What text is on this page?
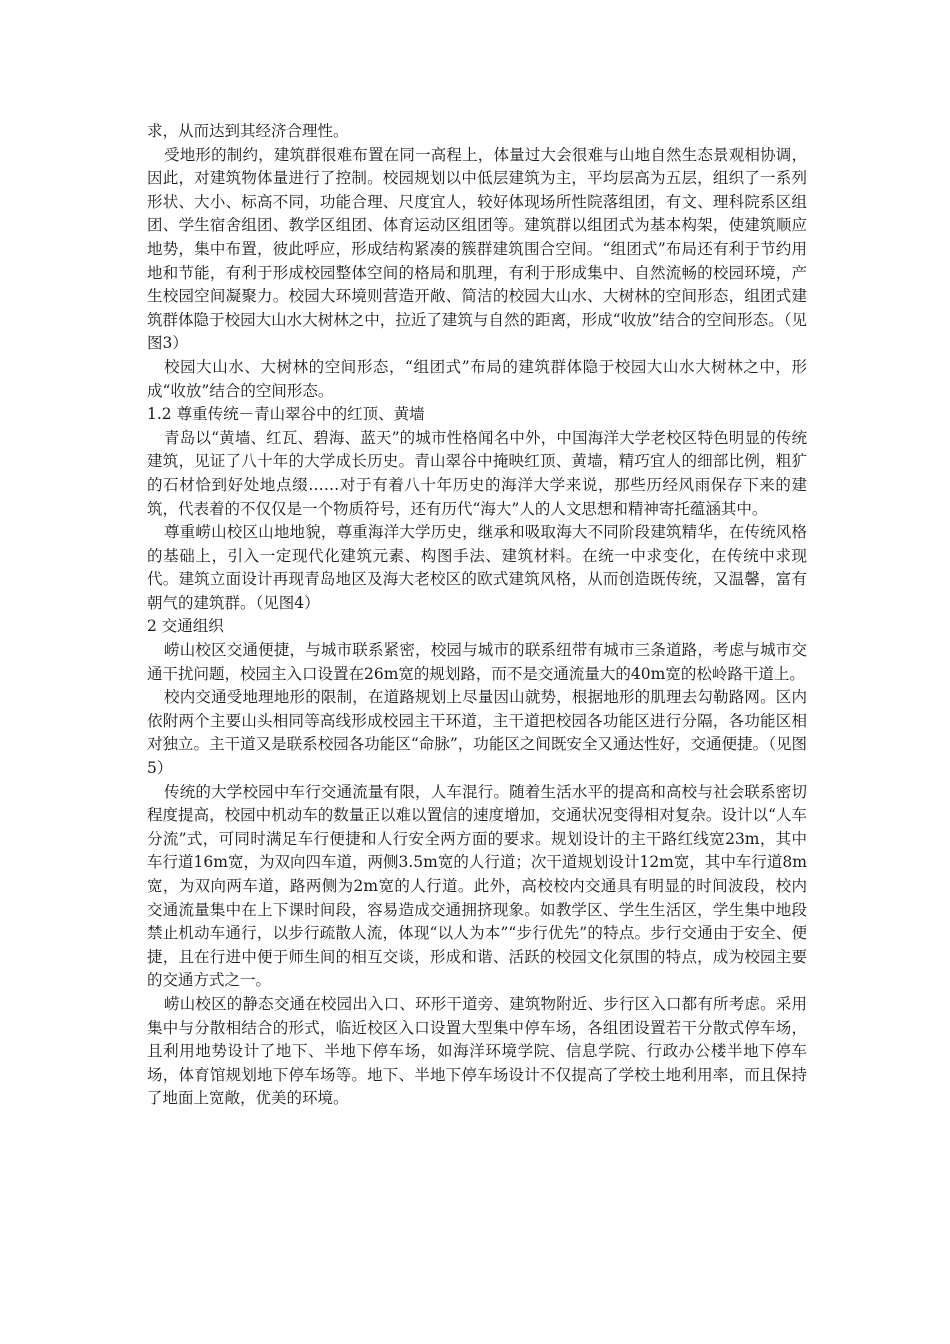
求，从而达到其经济合理性。

受地形的制约，建筑群很难布置在同一高程上，体量过大会很难与山地自然生态景观相协调，因此，对建筑物体量进行了控制。校园规划以中低层建筑为主，平均层高为五层，组织了一系列形状、大小、标高不同，功能合理、尺度宜人，较好体现场所性院落组团，有文、理科院系区组团、学生宿舍组团、教学区组团、体育运动区组团等。建筑群以组团式为基本构架，使建筑顺应地势，集中布置，彼此呼应，形成结构紧凑的簇群建筑围合空间。“组团式”布局还有利于节约用地和节能，有利于形成校园整体空间的格局和肌理，有利于形成集中、自然流畅的校园环境，产生校园空间凝聚力。校园大环境则营造开敞、简洁的校园大山水、大树林的空间形态，组团式建筑群体隐于校园大山水大树林之中，拉近了建筑与自然的距离，形成“收放”结合的空间形态。（见图3）

校园大山水、大树林的空间形态，“组团式”布局的建筑群体隐于校园大山水大树林之中，形成“收放”结合的空间形态。

1.2 尊重传统－青山翠谷中的红顶、黄墙

青岛以“黄墙、红瓦、碧海、蓝天”的城市性格闻名中外，中国海洋大学老校区特色明显的传统建筑，见证了八十年的大学成长历史。青山翠谷中掩映红顶、黄墙，精巧宜人的细部比例，粗犷的石材恰到好处地点缀……对于有着八十年历史的海洋大学来说，那些历经风雨保存下来的建筑，代表着的不仅仅是一个物质符号，还有历代“海大”人的人文思想和精神寄托蕴涵其中。

尊重崂山校区山地地貌，尊重海洋大学历史，继承和吸取海大不同阶段建筑精华，在传统风格的基础上，引入一定现代化建筑元素、构图手法、建筑材料。在统一中求变化，在传统中求现代。建筑立面设计再现青岛地区及海大老校区的欧式建筑风格，从而创造既传统，又温馨，富有朝气的建筑群。（见图4）

2 交通组织

崂山校区交通便捷，与城市联系紧密，校园与城市的联系纽带有城市三条道路，考虑与城市交通干扰问题，校园主入口设置在26m宽的规划路，而不是交通流量大的40m宽的松岭路干道上。

校内交通受地理地形的限制，在道路规划上尽量因山就势，根据地形的肌理去勾勒路网。区内依附两个主要山头相同等高线形成校园主干环道，主干道把校园各功能区进行分隔，各功能区相对独立。主干道又是联系校园各功能区“命脉”，功能区之间既安全又通达性好，交通便捷。（见图5）

传统的大学校园中车行交通流量有限，人车混行。随着生活水平的提高和高校与社会联系密切程度提高，校园中机动车的数量正以难以置信的速度增加，交通状况变得相对复杂。设计以“人车分流”式，可同时满足车行便捷和人行安全两方面的要求。规划设计的主干路红线宽23m，其中车行道16m宽，为双向四车道，两侧3.5m宽的人行道；次干道规划设计12m宽，其中车行道8m宽，为双向两车道，路两侧为2m宽的人行道。此外，高校校内交通具有明显的时间波段，校内交通流量集中在上下课时间段，容易造成交通拥挤现象。如教学区、学生生活区，学生集中地段禁止机动车通行，以步行疏散人流，体现“以人为本”“步行优先”的特点。步行交通由于安全、便捷，且在行进中便于师生间的相互交谈，形成和谐、活跃的校园文化氛围的特点，成为校园主要的交通方式之一。

崂山校区的静态交通在校园出入口、环形干道旁、建筑物附近、步行区入口都有所考虑。采用集中与分散相结合的形式，临近校区入口设置大型集中停车场，各组团设置若干分散式停车场，且利用地势设计了地下、半地下停车场，如海洋环境学院、信息学院、行政办公楼半地下停车场，体育馆规划地下停车场等。地下、半地下停车场设计不仅提高了学校土地利用率，而且保持了地面上宽敞，优美的环境。
